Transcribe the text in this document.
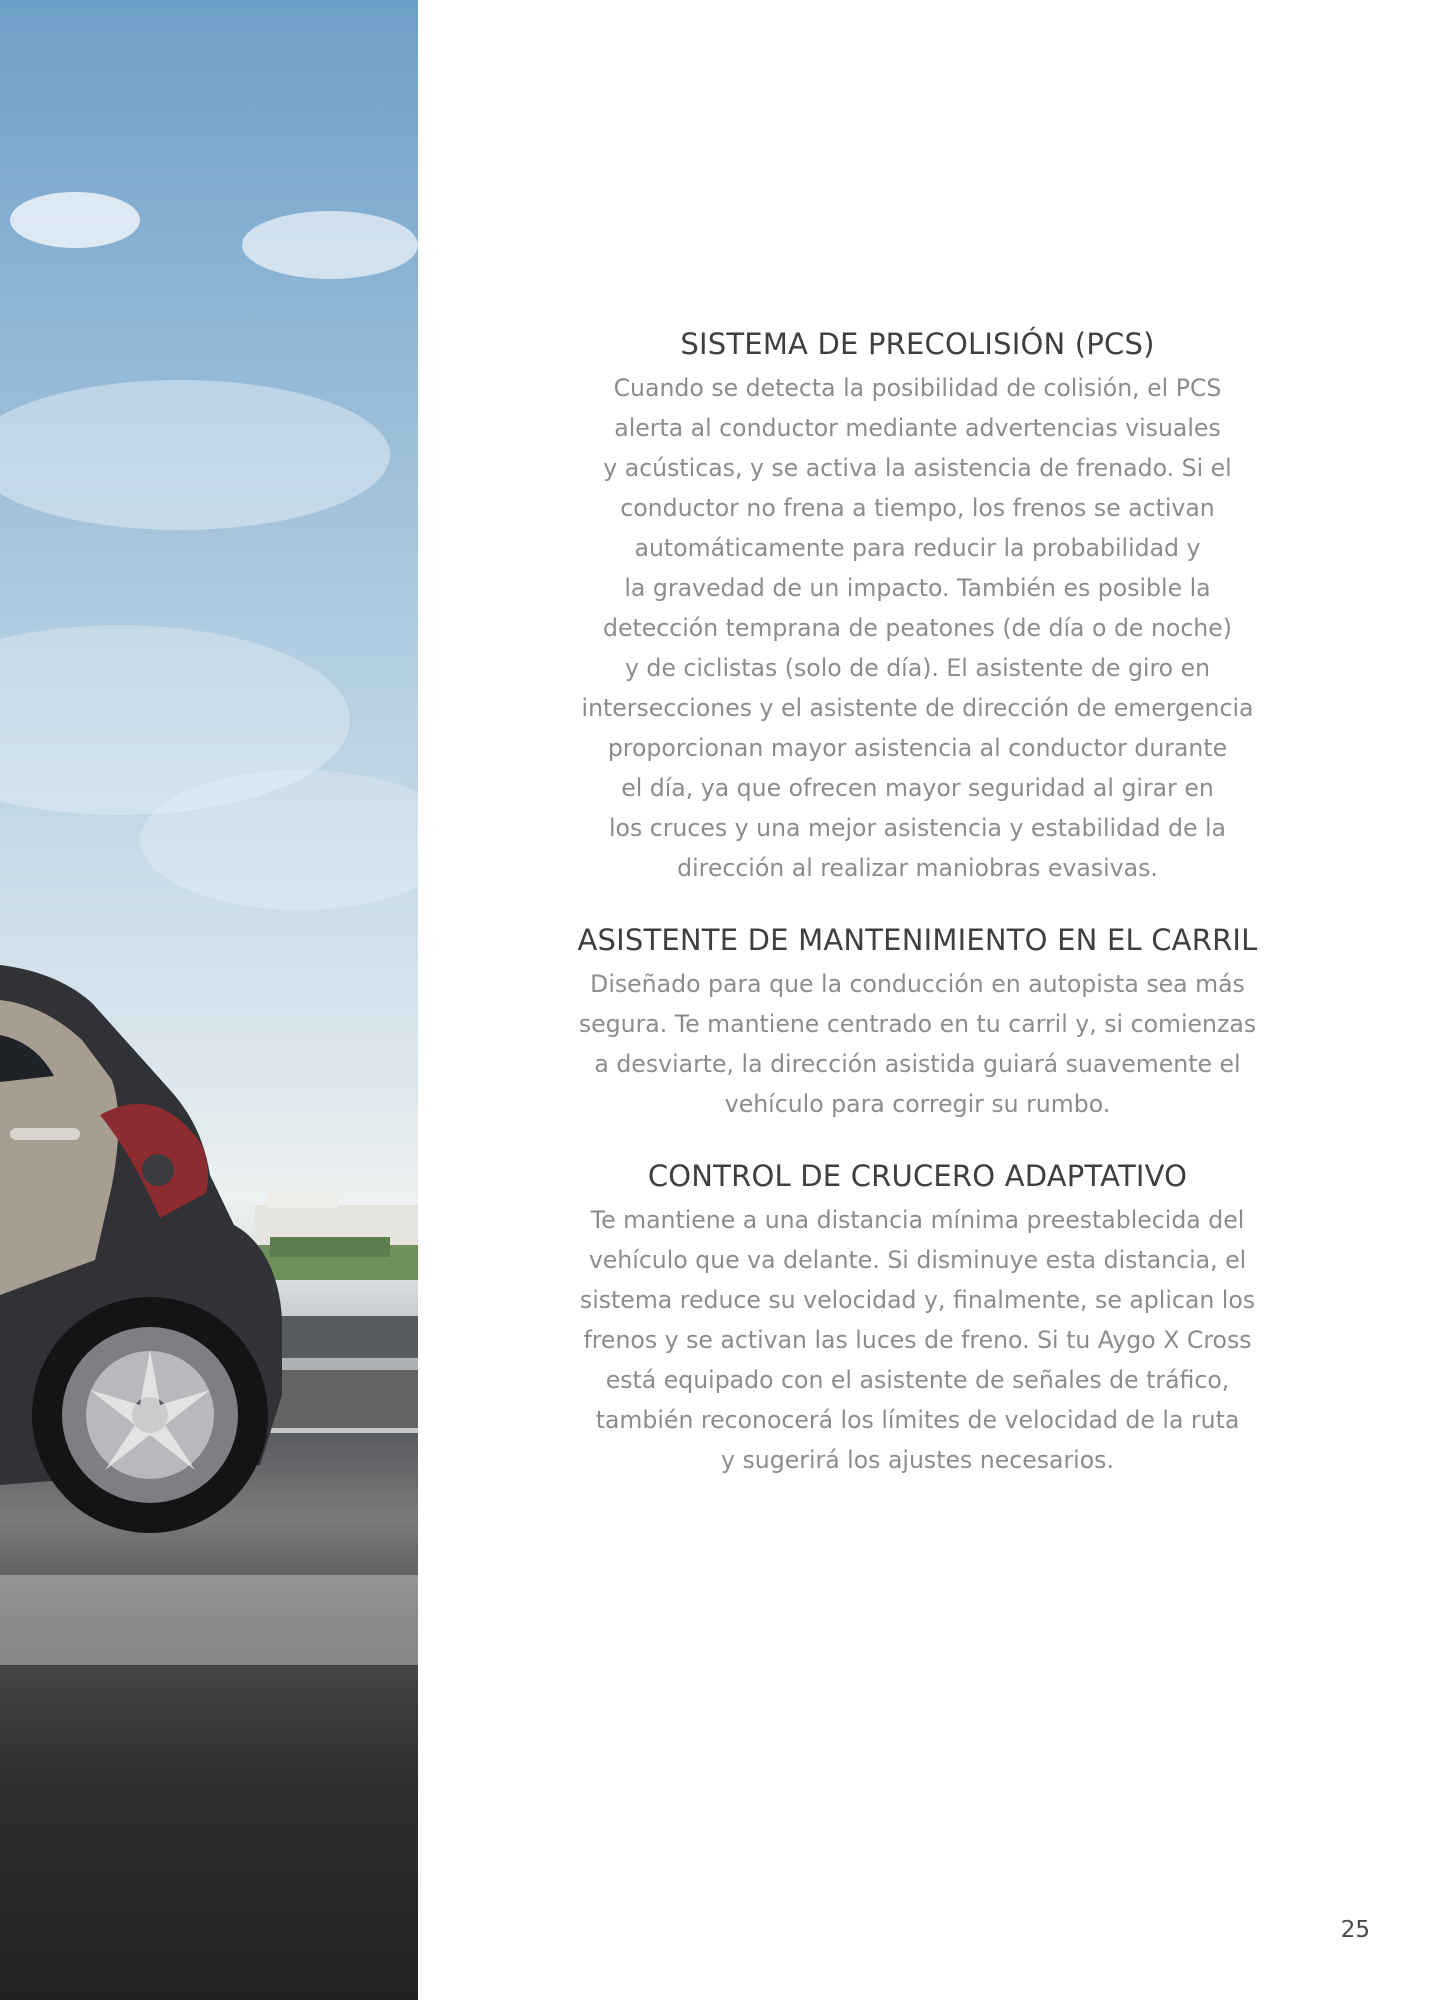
SISTEMA DE PRECOLISIÓN (PCS)

Cuando se detecta la posibilidad de colisión, el PCS
alerta al conductor mediante advertencias visuales
y acústicas, y se activa la asistencia de frenado. Si el
conductor no frena a tiempo, los frenos se activan
automáticamente para reducir la probabilidad y
la gravedad de un impacto. También es posible la
detección temprana de peatones (de día o de noche)
y de ciclistas (solo de día). El asistente de giro en
intersecciones y el asistente de dirección de emergencia
proporcionan mayor asistencia al conductor durante
el día, ya que ofrecen mayor seguridad al girar en
los cruces y una mejor asistencia y estabilidad de la
dirección al realizar maniobras evasivas.

ASISTENTE DE MANTENIMIENTO EN EL CARRIL

Diseñado para que la conducción en autopista sea más
segura. Te mantiene centrado en tu carril y, si comienzas
a desviarte, la dirección asistida guiará suavemente el
vehículo para corregir su rumbo.

CONTROL DE CRUCERO ADAPTATIVO

Te mantiene a una distancia mínima preestablecida del
vehículo que va delante. Si disminuye esta distancia, el
sistema reduce su velocidad y, finalmente, se aplican los
frenos y se activan las luces de freno. Si tu Aygo X Cross
está equipado con el asistente de señales de tráfico,
también reconocerá los límites de velocidad de la ruta
y sugerirá los ajustes necesarios.

25
